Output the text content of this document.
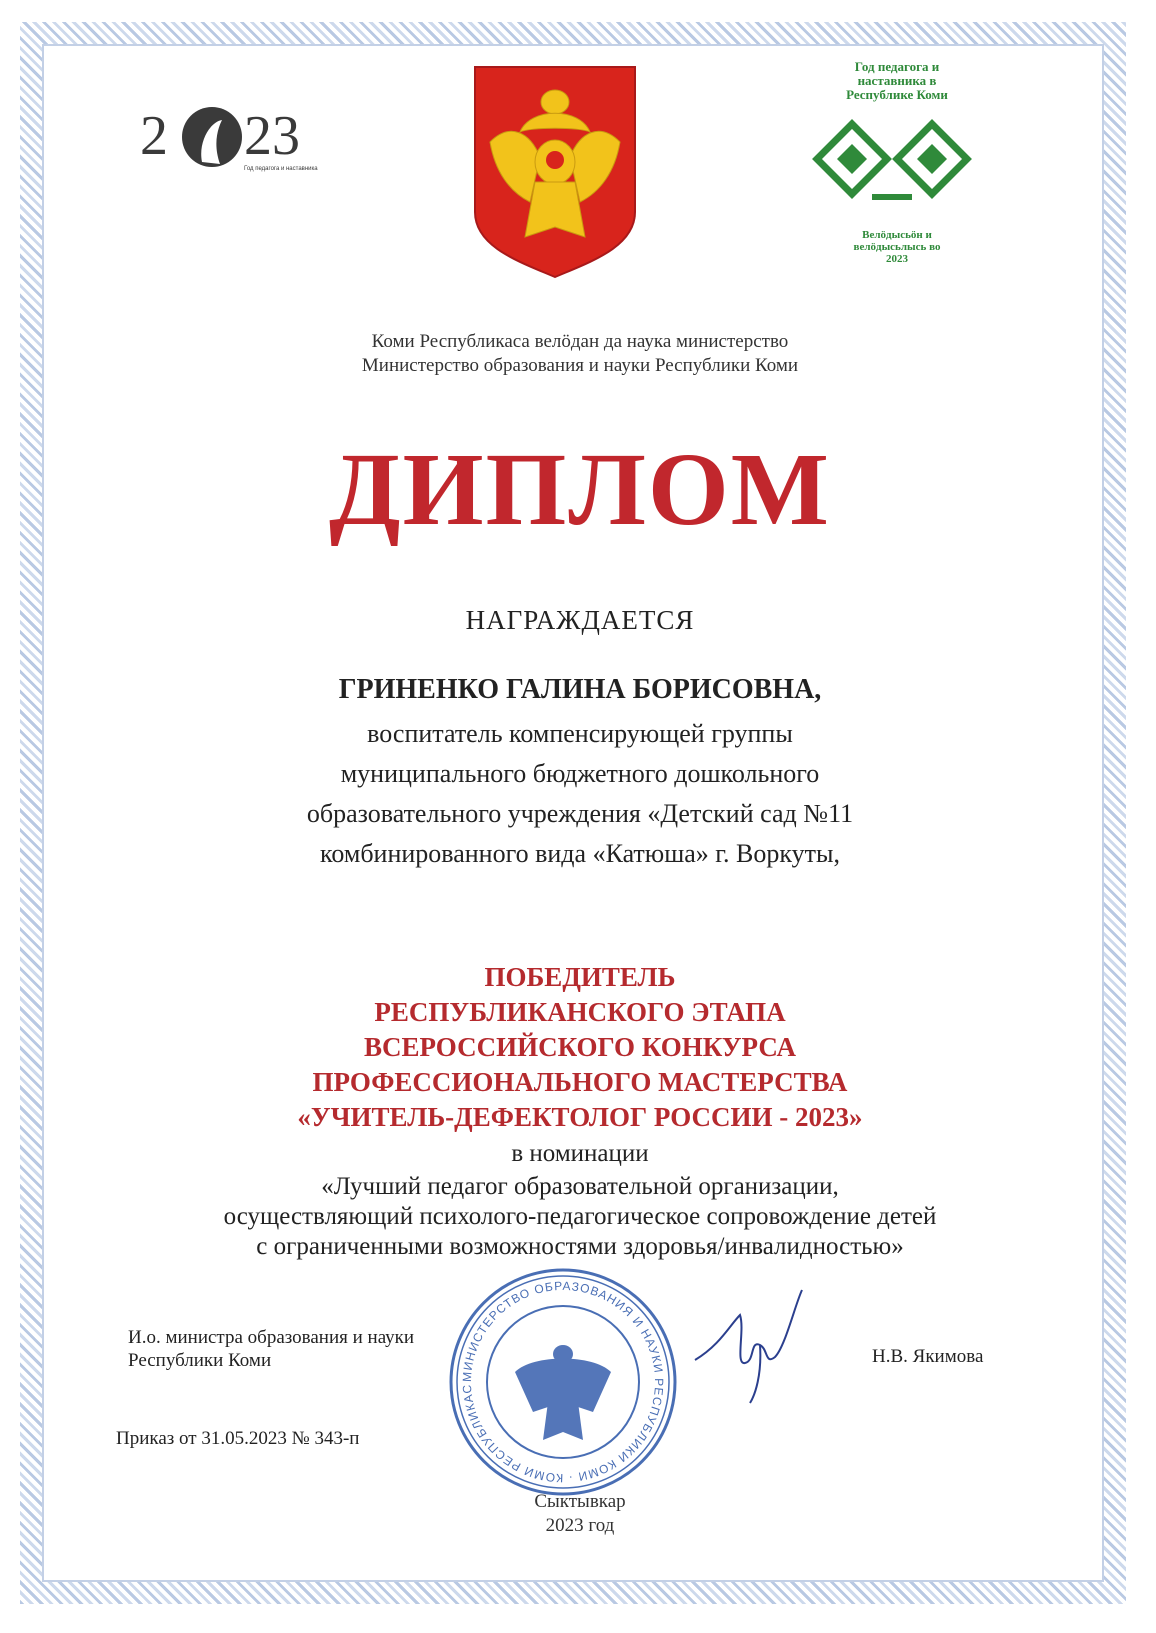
2 23
Год педагога и наставника
Год педагога и наставника в Республике Коми
Велӧдысьӧн и велӧдысьлысь во 2023
Коми Республикаса велӧдан да наука министерство
Министерство образования и науки Республики Коми
ДИПЛОМ
НАГРАЖДАЕТСЯ
ГРИНЕНКО ГАЛИНА БОРИСОВНА,
воспитатель компенсирующей группы
муниципального бюджетного дошкольного
образовательного учреждения «Детский сад №11
комбинированного вида «Катюша» г. Воркуты,
ПОБЕДИТЕЛЬ
РЕСПУБЛИКАНСКОГО ЭТАПА
ВСЕРОССИЙСКОГО КОНКУРСА
ПРОФЕССИОНАЛЬНОГО МАСТЕРСТВА
«УЧИТЕЛЬ-ДЕФЕКТОЛОГ РОССИИ - 2023»
в номинации
«Лучший педагог образовательной организации,
осуществляющий психолого-педагогическое сопровождение детей
с ограниченными возможностями здоровья/инвалидностью»
МИНИСТЕРСТВО ОБРАЗОВАНИЯ И НАУКИ РЕСПУБЛИКИ КОМИ · КОМИ РЕСПУБЛИКАС
И.о. министра образования и науки
Республики Коми	Н.В. Якимова
Приказ от 31.05.2023 № 343-п
Сыктывкар
2023 год
